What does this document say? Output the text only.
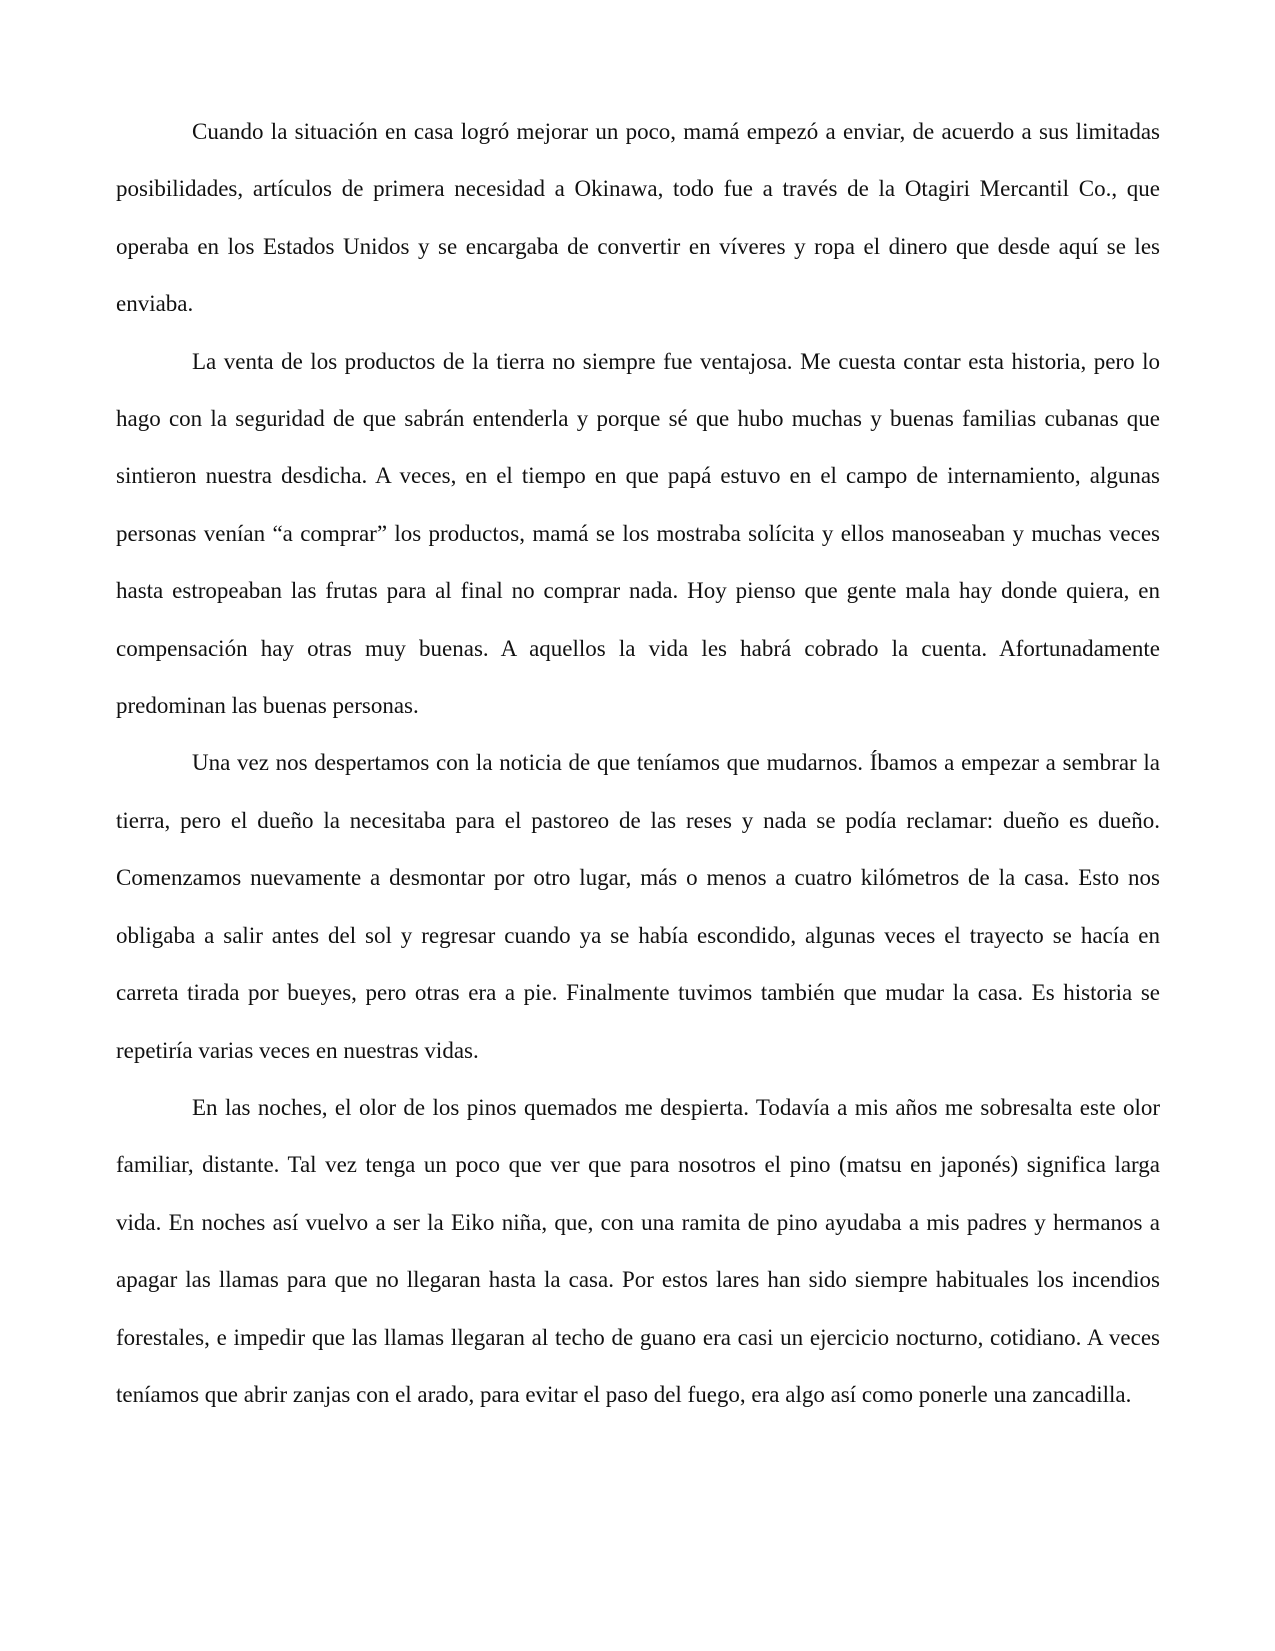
Cuando la situación en casa logró mejorar un poco, mamá empezó a enviar, de acuerdo a sus limitadas posibilidades, artículos de primera necesidad a Okinawa, todo fue a través de la Otagiri Mercantil Co., que operaba en los Estados Unidos y se encargaba de convertir en víveres y ropa el dinero que desde aquí se les enviaba.

La venta de los productos de la tierra no siempre fue ventajosa. Me cuesta contar esta historia, pero lo hago con la seguridad de que sabrán entenderla y porque sé que hubo muchas y buenas familias cubanas que sintieron nuestra desdicha. A veces, en el tiempo en que papá estuvo en el campo de internamiento, algunas personas venían “a comprar” los productos, mamá se los mostraba solícita y ellos manoseaban y muchas veces hasta estropeaban las frutas para al final no comprar nada. Hoy pienso que gente mala hay donde quiera, en compensación hay otras muy buenas. A aquellos la vida les habrá cobrado la cuenta. Afortunadamente predominan las buenas personas.

Una vez nos despertamos con la noticia de que teníamos que mudarnos. Íbamos a empezar a sembrar la tierra, pero el dueño la necesitaba para el pastoreo de las reses y nada se podía reclamar: dueño es dueño. Comenzamos nuevamente a desmontar por otro lugar, más o menos a cuatro kilómetros de la casa. Esto nos obligaba a salir antes del sol y regresar cuando ya se había escondido, algunas veces el trayecto se hacía en carreta tirada por bueyes, pero otras era a pie. Finalmente tuvimos también que mudar la casa. Es historia se repetiría varias veces en nuestras vidas.

En las noches, el olor de los pinos quemados me despierta. Todavía a mis años me sobresalta este olor familiar, distante. Tal vez tenga un poco que ver que para nosotros el pino (matsu en japonés) significa larga vida. En noches así vuelvo a ser la Eiko niña, que, con una ramita de pino ayudaba a mis padres y hermanos a apagar las llamas para que no llegaran hasta la casa. Por estos lares han sido siempre habituales los incendios forestales, e impedir que las llamas llegaran al techo de guano era casi un ejercicio nocturno, cotidiano. A veces teníamos que abrir zanjas con el arado, para evitar el paso del fuego, era algo así como ponerle una zancadilla.
